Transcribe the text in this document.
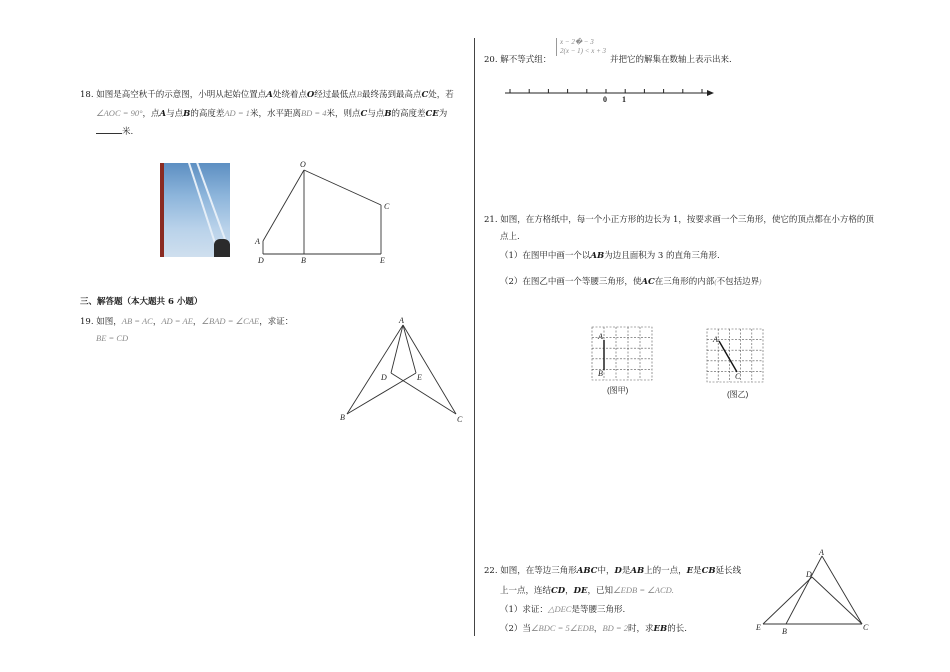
18. 如图是高空秋千的示意图，小明从起始位置点A处绕着点O经过最低点B最终荡到最高点C处，若
∠AOC = 90°，点A与点B的高度差AD = 1米，水平距离BD = 4米，则点C与点B的高度差CE为
米.
三、解答题（本大题共 6 小题）
19. 如图，AB = AC，AD = AE，∠BAD = ∠CAE，求证：
BE = CD
20. 解不等式组：
x − 2� − 3
2(x − 1) < x + 3
并把它的解集在数轴上表示出来.
21. 如图，在方格纸中，每一个小正方形的边长为 1，按要求画一个三角形，使它的顶点都在小方格的顶
点上.
（1）在图甲中画一个以AB为边且面积为 3 的直角三角形.
（2）在图乙中画一个等腰三角形，使AC在三角形的内部(不包括边界)
22. 如图，在等边三角形ABC中，D是AB上的一点，E是CB延长线
上一点，连结CD，DE，已知∠EDB = ∠ACD.
（1）求证：△DEC是等腰三角形.
（2）当∠BDC = 5∠EDB，BD = 2时，求EB的长.
O
A
D	B
C
E
A
B	C
D	E
0 1
A
B
(图甲)
A
C
(图乙)
A
D
E	B	C
